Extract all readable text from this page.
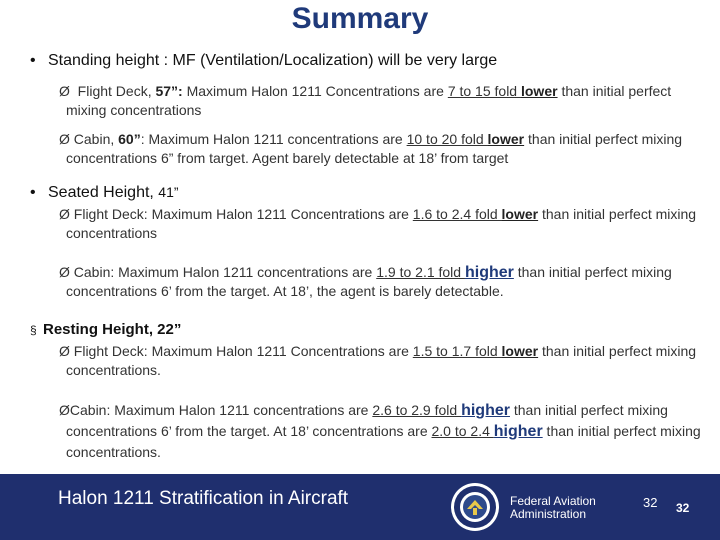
Summary
• Standing height : MF (Ventilation/Localization) will be very large
Ø Flight Deck, 57”: Maximum Halon 1211 Concentrations are 7 to 15 fold lower than initial perfect mixing concentrations
Ø Cabin, 60”: Maximum Halon 1211 concentrations are 10 to 20 fold lower than initial perfect mixing concentrations 6” from target. Agent barely detectable at 18’ from target
• Seated Height, 41”
Ø Flight Deck: Maximum Halon 1211 Concentrations are 1.6 to 2.4 fold lower than initial perfect mixing concentrations
Ø Cabin: Maximum Halon 1211 concentrations are 1.9 to 2.1 fold higher than initial perfect mixing concentrations 6’ from the target. At 18’, the agent is barely detectable.
§ Resting Height, 22”
Ø Flight Deck: Maximum Halon 1211 Concentrations are 1.5 to 1.7 fold lower than initial perfect mixing concentrations.
ØCabin: Maximum Halon 1211 concentrations are 2.6 to 2.9 fold higher than initial perfect mixing concentrations 6’ from the target. At 18’ concentrations are 2.0 to 2.4 higher than initial perfect mixing concentrations.
Halon 1211 Stratification in Aircraft	Federal Aviation
Administration
32 32
